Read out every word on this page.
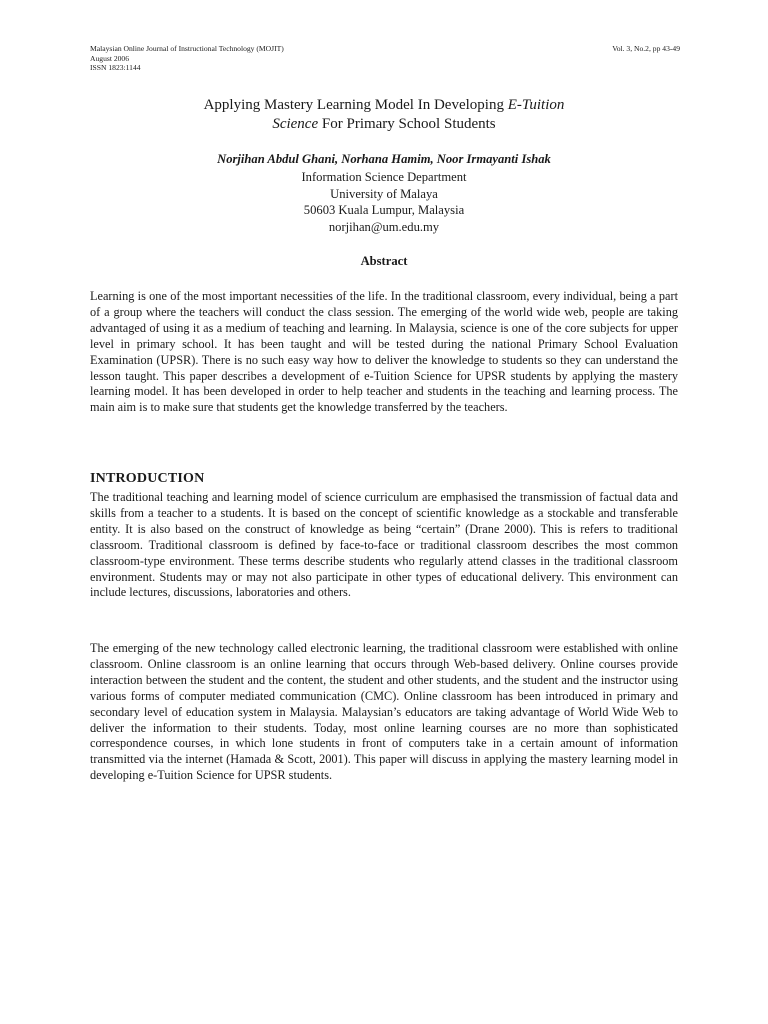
Malaysian Online Journal of Instructional Technology (MOJIT)
August 2006
ISSN 1823:1144
Vol. 3, No.2, pp 43-49
Applying Mastery Learning Model In Developing E-Tuition
Science For Primary School Students
Norjihan Abdul Ghani, Norhana Hamim, Noor Irmayanti Ishak
Information Science Department
University of Malaya
50603 Kuala Lumpur, Malaysia
norjihan@um.edu.my
Abstract

Learning is one of the most important necessities of the life. In the traditional classroom, every individual, being a part of a group where the teachers will conduct the class session. The emerging of the world wide web, people are taking advantaged of using it as a medium of teaching and learning. In Malaysia, science is one of the core subjects for upper level in primary school. It has been taught and will be tested during the national Primary School Evaluation Examination (UPSR). There is no such easy way how to deliver the knowledge to students so they can understand the lesson taught. This paper describes a development of e-Tuition Science for UPSR students by applying the mastery learning model. It has been developed in order to help teacher and students in the teaching and learning process. The main aim is to make sure that students get the knowledge transferred by the teachers.

INTRODUCTION

The traditional teaching and learning model of science curriculum are emphasised the transmission of factual data and skills from a teacher to a students. It is based on the concept of scientific knowledge as a stockable and transferable entity. It is also based on the construct of knowledge as being “certain” (Drane 2000). This is refers to traditional classroom. Traditional classroom is defined by face-to-face or traditional classroom describes the most common classroom-type environment. These terms describe students who regularly attend classes in the traditional classroom environment. Students may or may not also participate in other types of educational delivery. This environment can include lectures, discussions, laboratories and others.

The emerging of the new technology called electronic learning, the traditional classroom were established with online classroom. Online classroom is an online learning that occurs through Web-based delivery. Online courses provide interaction between the student and the content, the student and other students, and the student and the instructor using various forms of computer mediated communication (CMC). Online classroom has been introduced in primary and secondary level of education system in Malaysia. Malaysian’s educators are taking advantage of World Wide Web to deliver the information to their students. Today, most online learning courses are no more than sophisticated correspondence courses, in which lone students in front of computers take in a certain amount of information transmitted via the internet (Hamada & Scott, 2001). This paper will discuss in applying the mastery learning model in developing e-Tuition Science for UPSR students.
